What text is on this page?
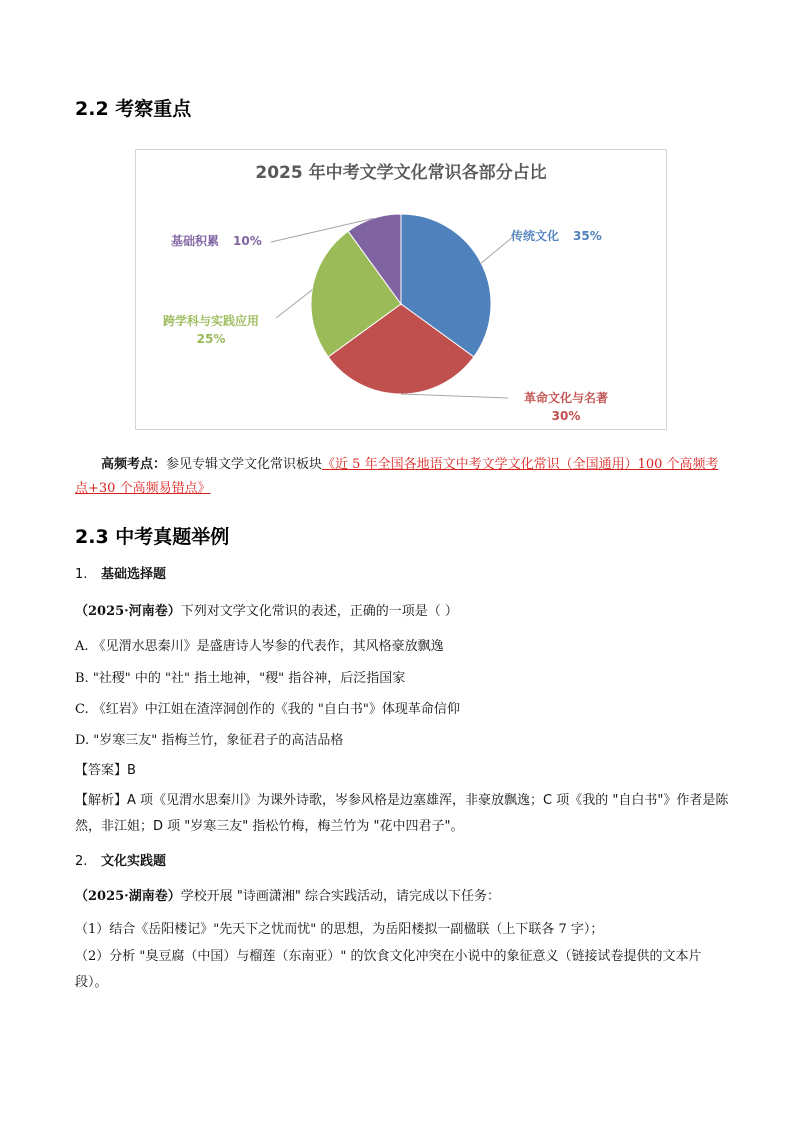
2.2 考察重点
2025 年中考文学文化常识各部分占比
传统文化 35%
革命文化与名著
30%
跨学科与实践应用
25%
基础积累 10%
高频考点：参见专辑文学文化常识板块《近 5 年全国各地语文中考文学文化常识（全国通用）100 个高频考点+30 个高频易错点》
2.3 中考真题举例
1. 基础选择题
（2025·河南卷）下列对文学文化常识的表述，正确的一项是（ ）
A. 《见渭水思秦川》是盛唐诗人岑参的代表作，其风格豪放飘逸
B. "社稷" 中的 "社" 指土地神，"稷" 指谷神，后泛指国家
C. 《红岩》中江姐在渣滓洞创作的《我的 "自白书"》体现革命信仰
D. "岁寒三友" 指梅兰竹，象征君子的高洁品格
【答案】B
【解析】A 项《见渭水思秦川》为课外诗歌，岑参风格是边塞雄浑，非豪放飘逸；C 项《我的 "自白书"》作者是陈然，非江姐；D 项 "岁寒三友" 指松竹梅，梅兰竹为 "花中四君子"。
2. 文化实践题
（2025·湖南卷）学校开展 "诗画潇湘" 综合实践活动，请完成以下任务：
（1）结合《岳阳楼记》"先天下之忧而忧" 的思想，为岳阳楼拟一副楹联（上下联各 7 字）；
（2）分析 "臭豆腐（中国）与榴莲（东南亚）" 的饮食文化冲突在小说中的象征意义（链接试卷提供的文本片段）。
